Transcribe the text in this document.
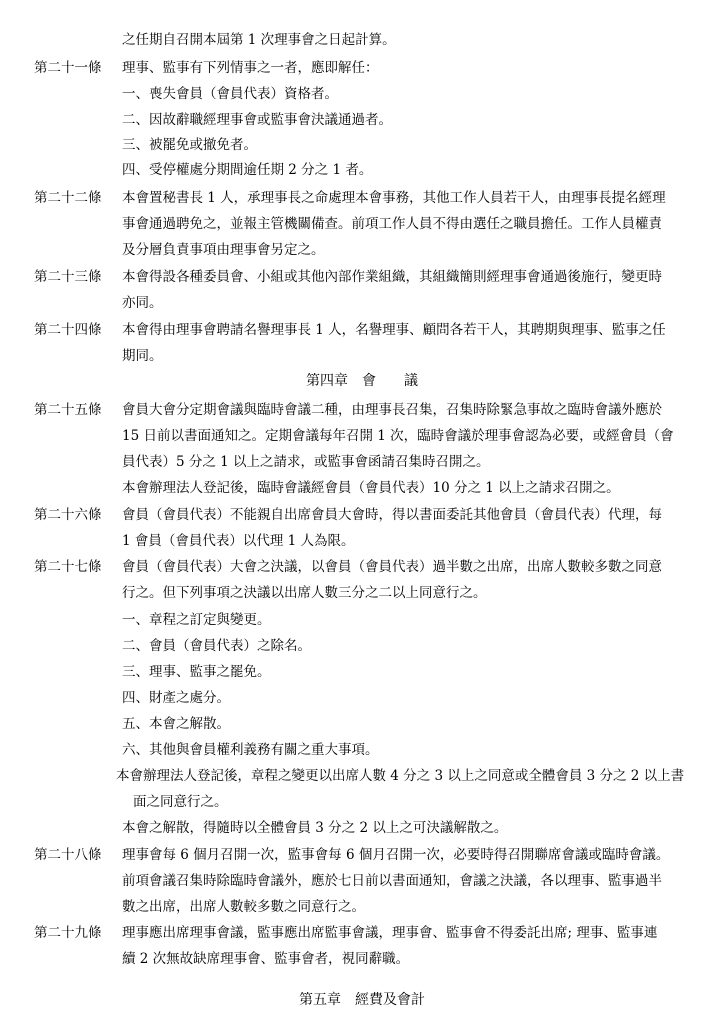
之任期自召開本屆第 1 次理事會之日起計算。

第二十一條 理事、監事有下列情事之一者，應即解任：

一、喪失會員（會員代表）資格者。

二、因故辭職經理事會或監事會決議通過者。

三、被罷免或撤免者。

四、受停權處分期間逾任期 2 分之 1 者。

第二十二條 本會置秘書長 1 人，承理事長之命處理本會事務，其他工作人員若干人，由理事長提名經理

事會通過聘免之，並報主管機關備查。前項工作人員不得由選任之職員擔任。工作人員權責

及分層負責事項由理事會另定之。

第二十三條 本會得設各種委員會、小組或其他內部作業組織，其組織簡則經理事會通過後施行，變更時

亦同。

第二十四條 本會得由理事會聘請名譽理事長 1 人，名譽理事、顧問各若干人，其聘期與理事、監事之任

期同。

第四章 會 議

第二十五條 會員大會分定期會議與臨時會議二種，由理事長召集，召集時除緊急事故之臨時會議外應於

15 日前以書面通知之。定期會議每年召開 1 次，臨時會議於理事會認為必要，或經會員（會

員代表）5 分之 1 以上之請求，或監事會函請召集時召開之。

本會辦理法人登記後，臨時會議經會員（會員代表）10 分之 1 以上之請求召開之。

第二十六條 會員（會員代表）不能親自出席會員大會時，得以書面委託其他會員（會員代表）代理，每

1 會員（會員代表）以代理 1 人為限。

第二十七條 會員（會員代表）大會之決議，以會員（會員代表）過半數之出席，出席人數較多數之同意

行之。但下列事項之決議以出席人數三分之二以上同意行之。

一、章程之訂定與變更。

二、會員（會員代表）之除名。

三、理事、監事之罷免。

四、財產之處分。

五、本會之解散。

六、其他與會員權利義務有關之重大事項。

本會辦理法人登記後，章程之變更以出席人數 4 分之 3 以上之同意或全體會員 3 分之 2 以上書

面之同意行之。

本會之解散，得隨時以全體會員 3 分之 2 以上之可決議解散之。

第二十八條 理事會每 6 個月召開一次，監事會每 6 個月召開一次，必要時得召開聯席會議或臨時會議。

前項會議召集時除臨時會議外，應於七日前以書面通知，會議之決議，各以理事、監事過半

數之出席，出席人數較多數之同意行之。

第二十九條 理事應出席理事會議，監事應出席監事會議，理事會、監事會不得委託出席; 理事、監事連

續 2 次無故缺席理事會、監事會者，視同辭職。

第五章 經費及會計
